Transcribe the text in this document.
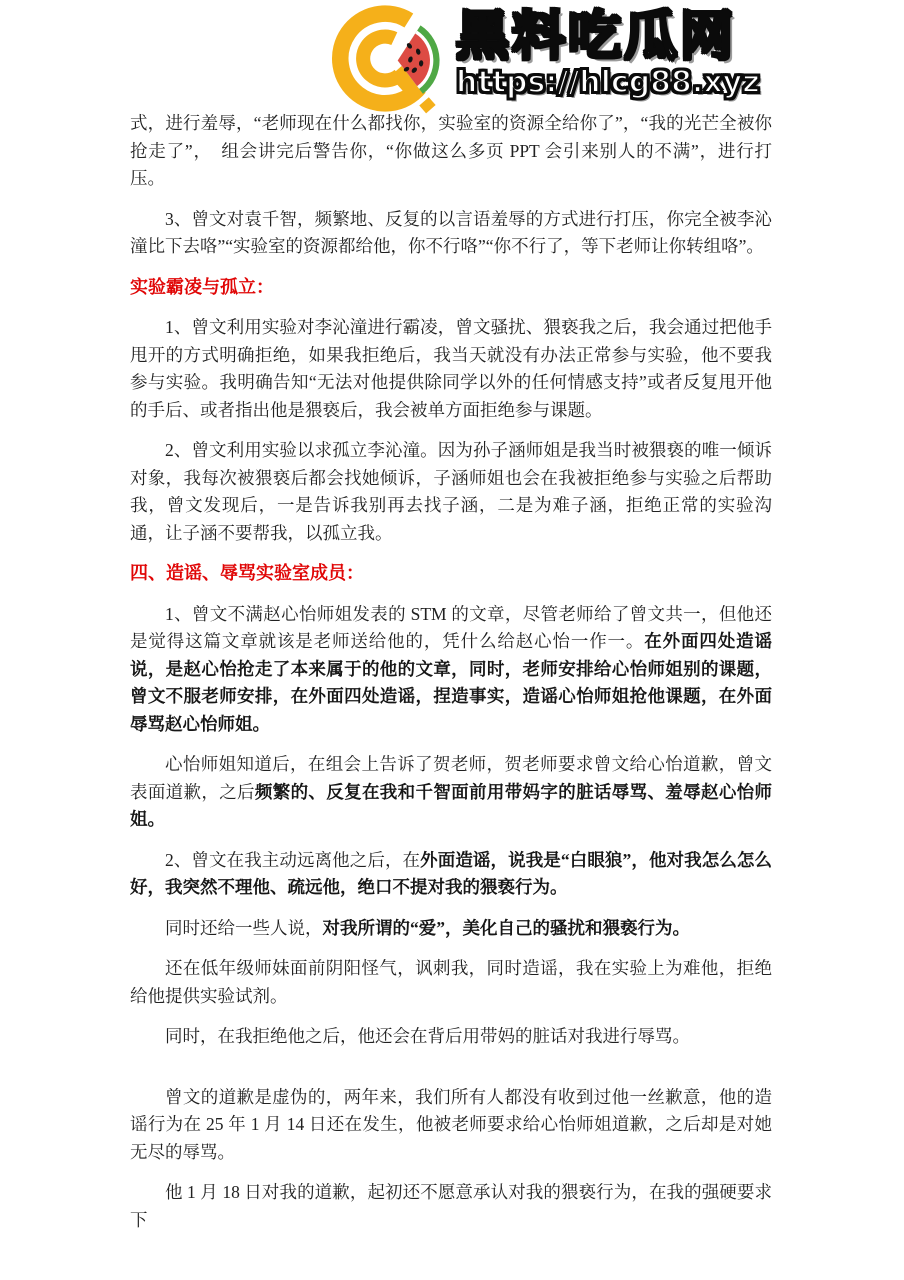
黑料吃瓜网
https://hlcg88.xyz

式，进行羞辱，“老师现在什么都找你，实验室的资源全给你了”，“我的光芒全被你抢走了”，　组会讲完后警告你，“你做这么多页 PPT 会引来别人的不满”，进行打压。

3、曾文对袁千智，频繁地、反复的以言语羞辱的方式进行打压，你完全被李沁潼比下去咯”“实验室的资源都给他，你不行咯”“你不行了，等下老师让你转组咯”。

实验霸凌与孤立：

1、曾文利用实验对李沁潼进行霸凌，曾文骚扰、猥亵我之后，我会通过把他手甩开的方式明确拒绝，如果我拒绝后，我当天就没有办法正常参与实验，他不要我参与实验。我明确告知“无法对他提供除同学以外的任何情感支持”或者反复甩开他的手后、或者指出他是猥亵后，我会被单方面拒绝参与课题。

2、曾文利用实验以求孤立李沁潼。因为孙子涵师姐是我当时被猥亵的唯一倾诉对象，我每次被猥亵后都会找她倾诉，子涵师姐也会在我被拒绝参与实验之后帮助我，曾文发现后，一是告诉我别再去找子涵，二是为难子涵，拒绝正常的实验沟通，让子涵不要帮我，以孤立我。

四、造谣、辱骂实验室成员：

1、曾文不满赵心怡师姐发表的 STM 的文章，尽管老师给了曾文共一，但他还是觉得这篇文章就该是老师送给他的，凭什么给赵心怡一作一。在外面四处造谣说，是赵心怡抢走了本来属于的他的文章，同时，老师安排给心怡师姐别的课题，曾文不服老师安排，在外面四处造谣，捏造事实，造谣心怡师姐抢他课题，在外面辱骂赵心怡师姐。

心怡师姐知道后，在组会上告诉了贺老师，贺老师要求曾文给心怡道歉，曾文表面道歉，之后频繁的、反复在我和千智面前用带妈字的脏话辱骂、羞辱赵心怡师姐。

2、曾文在我主动远离他之后，在外面造谣，说我是“白眼狼”，他对我怎么怎么好，我突然不理他、疏远他，绝口不提对我的猥亵行为。

同时还给一些人说，对我所谓的“爱”，美化自己的骚扰和猥亵行为。

还在低年级师妹面前阴阳怪气，讽刺我，同时造谣，我在实验上为难他，拒绝给他提供实验试剂。

同时，在我拒绝他之后，他还会在背后用带妈的脏话对我进行辱骂。

曾文的道歉是虚伪的，两年来，我们所有人都没有收到过他一丝歉意，他的造谣行为在 25 年 1 月 14 日还在发生，他被老师要求给心怡师姐道歉，之后却是对她无尽的辱骂。

他 1 月 18 日对我的道歉，起初还不愿意承认对我的猥亵行为，在我的强硬要求下
